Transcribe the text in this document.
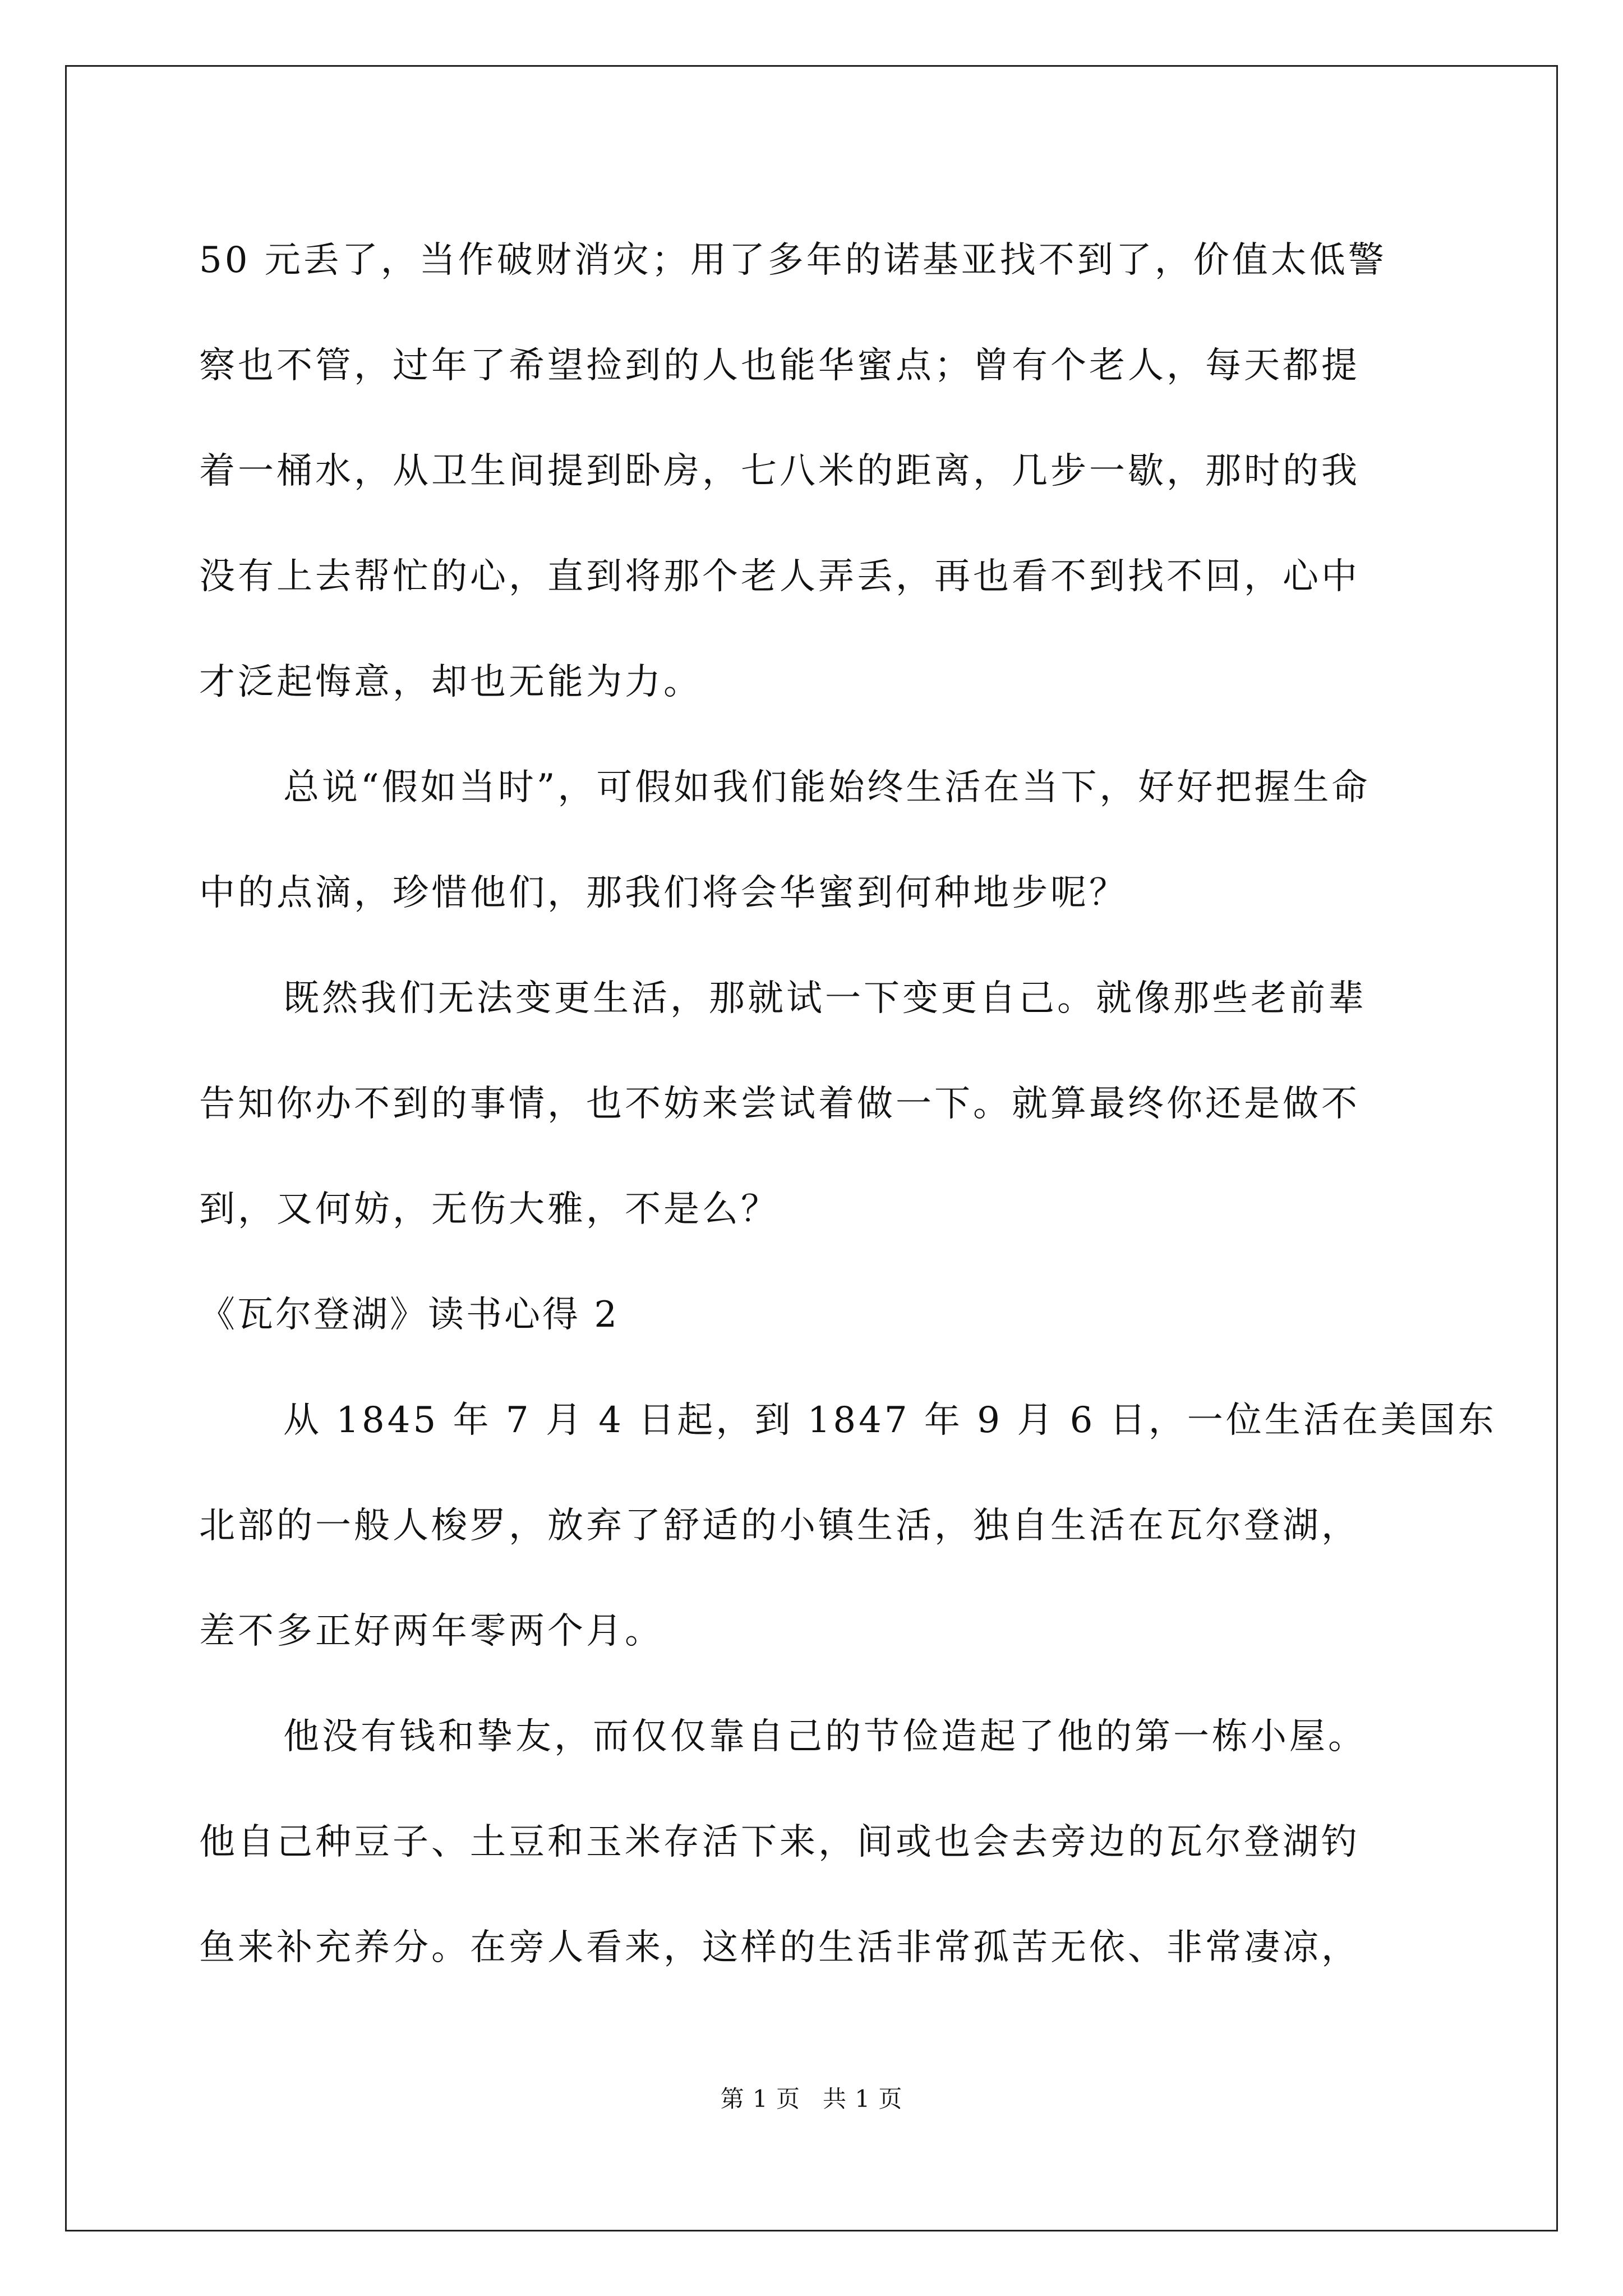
50 元丢了，当作破财消灾；用了多年的诺基亚找不到了，价值太低警
察也不管，过年了希望捡到的人也能华蜜点；曾有个老人，每天都提
着一桶水，从卫生间提到卧房，七八米的距离，几步一歇，那时的我
没有上去帮忙的心，直到将那个老人弄丢，再也看不到找不回，心中
才泛起悔意，却也无能为力。
总说“假如当时”，可假如我们能始终生活在当下，好好把握生命
中的点滴，珍惜他们，那我们将会华蜜到何种地步呢？
既然我们无法变更生活，那就试一下变更自己。就像那些老前辈
告知你办不到的事情，也不妨来尝试着做一下。就算最终你还是做不
到，又何妨，无伤大雅，不是么？
《瓦尔登湖》读书心得 2
从 1845 年 7 月 4 日起，到 1847 年 9 月 6 日，一位生活在美国东
北部的一般人梭罗，放弃了舒适的小镇生活，独自生活在瓦尔登湖，
差不多正好两年零两个月。
他没有钱和挚友，而仅仅靠自己的节俭造起了他的第一栋小屋。
他自己种豆子、土豆和玉米存活下来，间或也会去旁边的瓦尔登湖钓
鱼来补充养分。在旁人看来，这样的生活非常孤苦无依、非常凄凉，
第 1 页 共 1 页
